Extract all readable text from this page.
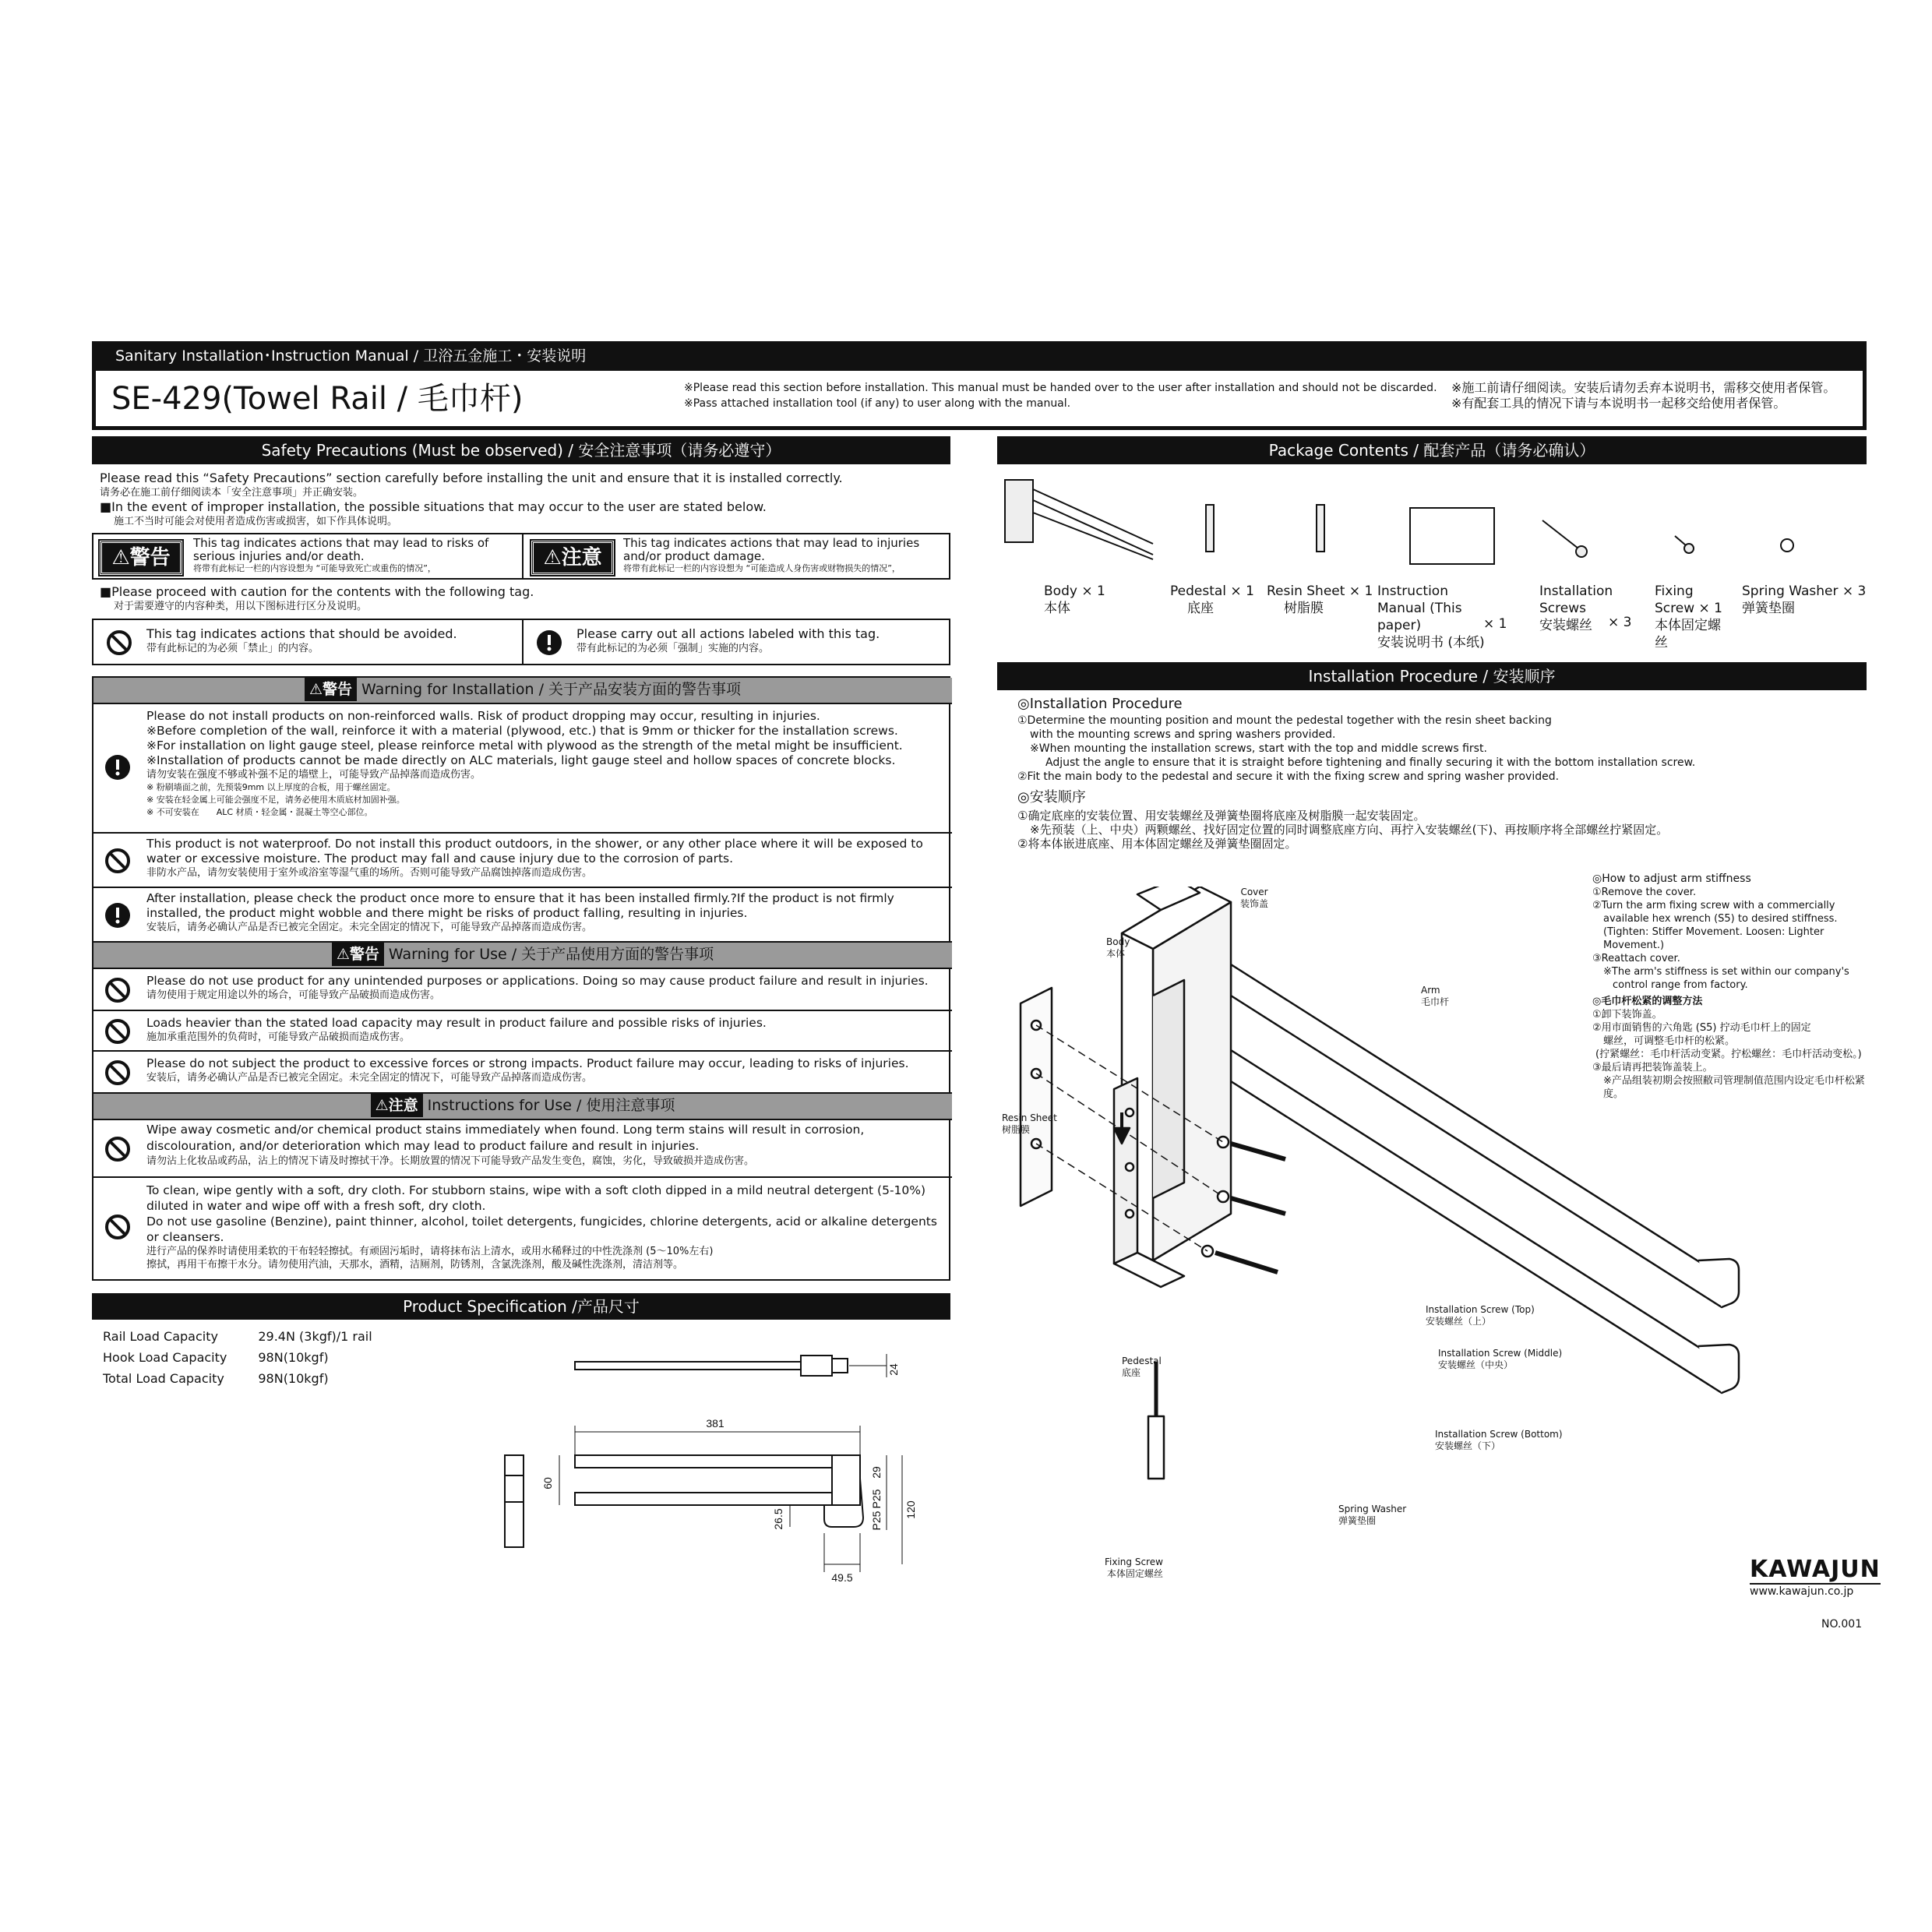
Sanitary Installation･Instruction Manual / 卫浴五金施工・安装说明
SE-429(Towel Rail / 毛巾杆)	※Please read this section before installation. This manual must be handed over to the user after installation and should not be discarded.
※Pass attached installation tool (if any) to user along with the manual.
※施工前请仔细阅读。安装后请勿丢弃本说明书，需移交使用者保管。
※有配套工具的情况下请与本说明书一起移交给使用者保管。
Safety Precautions (Must be observed) / 安全注意事项（请务必遵守）
Please read this “Safety Precautions” section carefully before installing the unit and ensure that it is installed correctly.
请务必在施工前仔细阅读本「安全注意事项」并正确安装。
■In the event of improper installation, the possible situations that may occur to the user are stated below.
施工不当时可能会对使用者造成伤害或损害，如下作具体说明。
⚠警告
This tag indicates actions that may lead to risks of serious injuries and/or death.
将带有此标记一栏的内容设想为 “可能导致死亡或重伤的情况”，	⚠注意
This tag indicates actions that may lead to injuries and/or product damage.
将带有此标记一栏的内容设想为 “可能造成人身伤害或财物损失的情况”，
■Please proceed with caution for the contents with the following tag.
对于需要遵守的内容种类，用以下图标进行区分及说明。
This tag indicates actions that should be avoided.
带有此标记的为必须「禁止」的内容。
Please carry out all actions labeled with this tag.
带有此标记的为必须「强制」实施的内容。
⚠警告 Warning for Installation / 关于产品安装方面的警告事项
Please do not install products on non-reinforced walls. Risk of product dropping may occur, resulting in injuries.
※Before completion of the wall, reinforce it with a material (plywood, etc.) that is 9mm or thicker for the installation screws.
※For installation on light gauge steel, please reinforce metal with plywood as the strength of the metal might be insufficient.
※Installation of products cannot be made directly on ALC materials, light gauge steel and hollow spaces of concrete blocks.
请勿安装在强度不够或补强不足的墙壁上，可能导致产品掉落而造成伤害。
※ 粉刷墙面之前，先预装9mm 以上厚度的合板，用于螺丝固定。
※ 安装在轻金属上可能会强度不足，请务必使用木质底材加固补强。
※ 不可安装在　　ALC 材质・轻金属・混凝土等空心部位。
This product is not waterproof. Do not install this product outdoors, in the shower, or any other place where it will be exposed to water or excessive moisture. The product may fall and cause injury due to the corrosion of parts.
非防水产品，请勿安装使用于室外或浴室等湿气重的场所。否则可能导致产品腐蚀掉落而造成伤害。
After installation, please check the product once more to ensure that it has been installed firmly.?If the product is not firmly installed, the product might wobble and there might be risks of product falling, resulting in injuries.
安装后，请务必确认产品是否已被完全固定。未完全固定的情况下，可能导致产品掉落而造成伤害。
⚠警告 Warning for Use / 关于产品使用方面的警告事项
Please do not use product for any unintended purposes or applications. Doing so may cause product failure and result in injuries.
请勿使用于规定用途以外的场合，可能导致产品破损而造成伤害。
Loads heavier than the stated load capacity may result in product failure and possible risks of injuries.
施加承重范围外的负荷时，可能导致产品破损而造成伤害。
Please do not subject the product to excessive forces or strong impacts. Product failure may occur, leading to risks of injuries.
安装后，请务必确认产品是否已被完全固定。未完全固定的情况下，可能导致产品掉落而造成伤害。
⚠注意 Instructions for Use / 使用注意事项
Wipe away cosmetic and/or chemical product stains immediately when found. Long term stains will result in corrosion, discolouration, and/or deterioration which may lead to product failure and result in injuries.
请勿沾上化妆品或药品，沾上的情况下请及时擦拭干净。长期放置的情况下可能导致产品发生变色，腐蚀，劣化，导致破损并造成伤害。
To clean, wipe gently with a soft, dry cloth. For stubborn stains, wipe with a soft cloth dipped in a mild neutral detergent (5-10%) diluted in water and wipe off with a fresh soft, dry cloth.
Do not use gasoline (Benzine), paint thinner, alcohol, toilet detergents, fungicides, chlorine detergents, acid or alkaline detergents or cleansers.
进行产品的保养时请使用柔软的干布轻轻擦拭。有顽固污垢时，请将抹布沾上清水，或用水稀释过的中性洗涤剂 (5～10%左右)
擦拭，再用干布擦干水分。请勿使用汽油，天那水，酒精，洁厕剂，防锈剂，含氯洗涤剂，酸及碱性洗涤剂，清洁剂等。
Product Specification /产品尺寸
Rail Load Capacity	29.4N (3kgf)/1 rail
Hook Load Capacity	98N(10kgf)
Total Load Capacity	98N(10kgf)
381
60
24
29
P25
P25
120
26.5
49.5
Package Contents / 配套产品（请务必确认）
Body × 1
本体
Pedestal × 1
底座
Resin Sheet × 1
树脂膜
Instruction Manual (This paper)
安装说明书 (本纸)
× 1
Installation Screws
安装螺丝	× 3
Fixing Screw × 1
本体固定螺丝
Spring Washer × 3
弹簧垫圈
Installation Procedure / 安装顺序
◎Installation Procedure
①Determine the mounting position and mount the pedestal together with the resin sheet backing
with the mounting screws and spring washers provided.
※When mounting the installation screws, start with the top and middle screws first.
Adjust the angle to ensure that it is straight before tightening and finally securing it with the bottom installation screw.
②Fit the main body to the pedestal and secure it with the fixing screw and spring washer provided.
◎安装顺序
①确定底座的安装位置、用安装螺丝及弹簧垫圈将底座及树脂膜一起安装固定。
※先预装（上、中央）两颗螺丝、找好固定位置的同时调整底座方向、再拧入安装螺丝(下)、再按顺序将全部螺丝拧紧固定。
②将本体嵌进底座、用本体固定螺丝及弹簧垫圈固定。
◎How to adjust arm stiffness
①Remove the cover.
②Turn the arm fixing screw with a commercially
available hex wrench (S5) to desired stiffness.
(Tighten: Stiffer Movement. Loosen: Lighter Movement.)
③Reattach cover.
※The arm's stiffness is set within our company's
control range from factory.
◎毛巾杆松紧的调整方法
①卸下装饰盖。
②用市面销售的六角匙 (S5) 拧动毛巾杆上的固定
螺丝，可调整毛巾杆的松紧。
(拧紧螺丝：毛巾杆活动变紧。拧松螺丝：毛巾杆活动变松。)
③最后请再把装饰盖装上。
※产品组装初期会按照敝司管理制值范围内设定毛巾杆松紧度。
Cover
装饰盖
Body
本体
Arm
毛巾杆
Resin Sheet
树脂膜
Pedestal
底座
Installation Screw (Top)
安装螺丝（上）
Installation Screw (Middle)
安装螺丝（中央）
Installation Screw (Bottom)
安装螺丝（下）
Spring Washer
弹簧垫圈
Fixing Screw
本体固定螺丝	KAWAJUN
www.kawajun.co.jp
NO.001
